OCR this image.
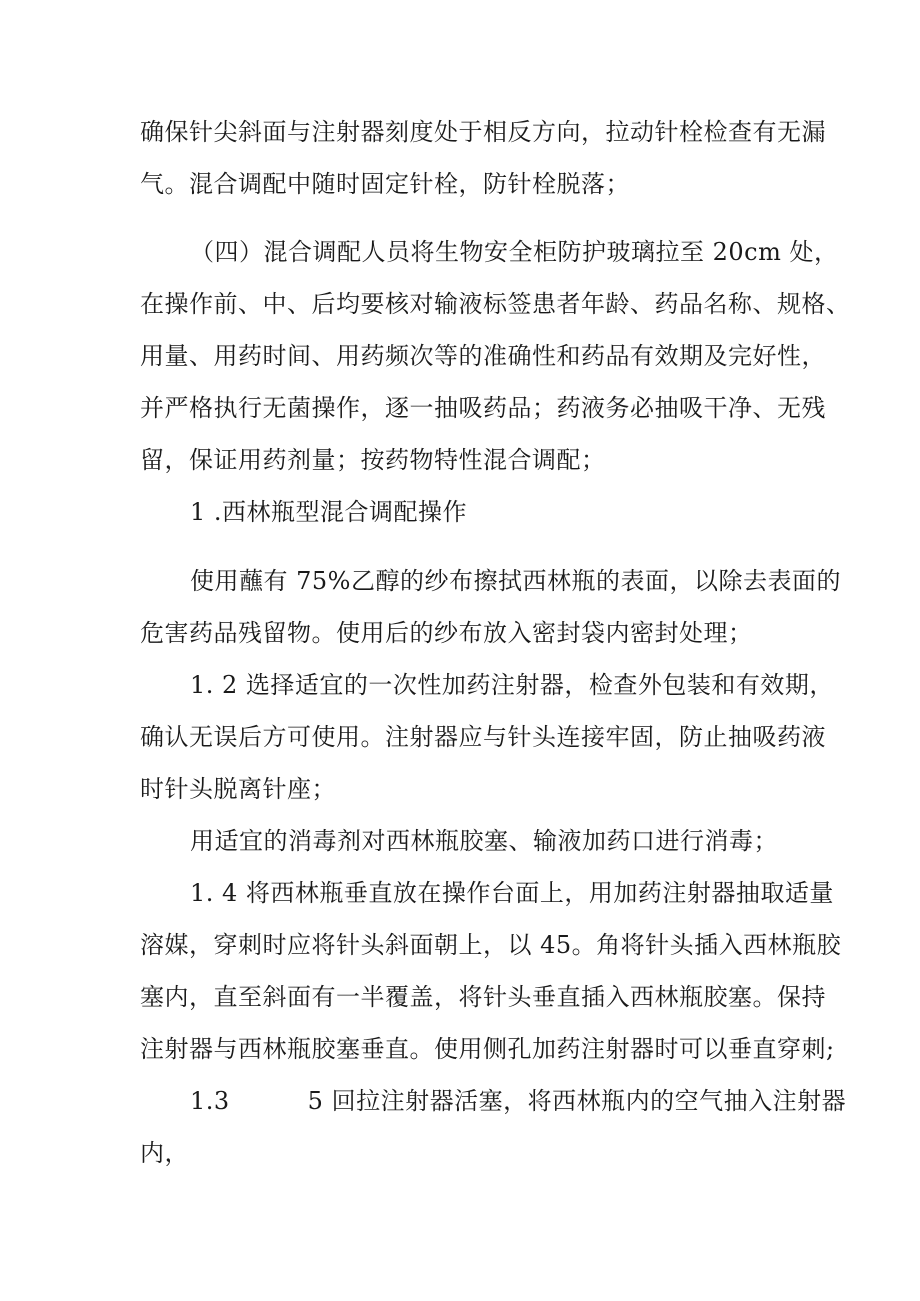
确保针尖斜面与注射器刻度处于相反方向，拉动针栓检查有无漏
气。混合调配中随时固定针栓，防针栓脱落；
（四）混合调配人员将生物安全柜防护玻璃拉至 20cm 处，
在操作前、中、后均要核对输液标签患者年龄、药品名称、规格、
用量、用药时间、用药频次等的准确性和药品有效期及完好性，
并严格执行无菌操作，逐一抽吸药品；药液务必抽吸干净、无残
留，保证用药剂量；按药物特性混合调配；
1 .西林瓶型混合调配操作
使用蘸有 75%乙醇的纱布擦拭西林瓶的表面，以除去表面的
危害药品残留物。使用后的纱布放入密封袋内密封处理；
1. 2 选择适宜的一次性加药注射器，检查外包装和有效期，
确认无误后方可使用。注射器应与针头连接牢固，防止抽吸药液
时针头脱离针座；
用适宜的消毒剂对西林瓶胶塞、输液加药口进行消毒；
1. 4 将西林瓶垂直放在操作台面上，用加药注射器抽取适量
溶媒，穿刺时应将针头斜面朝上，以 45。角将针头插入西林瓶胶
塞内，直至斜面有一半覆盖，将针头垂直插入西林瓶胶塞。保持
注射器与西林瓶胶塞垂直。使用侧孔加药注射器时可以垂直穿刺;
1.3	5 回拉注射器活塞，将西林瓶内的空气抽入注射器
内，
